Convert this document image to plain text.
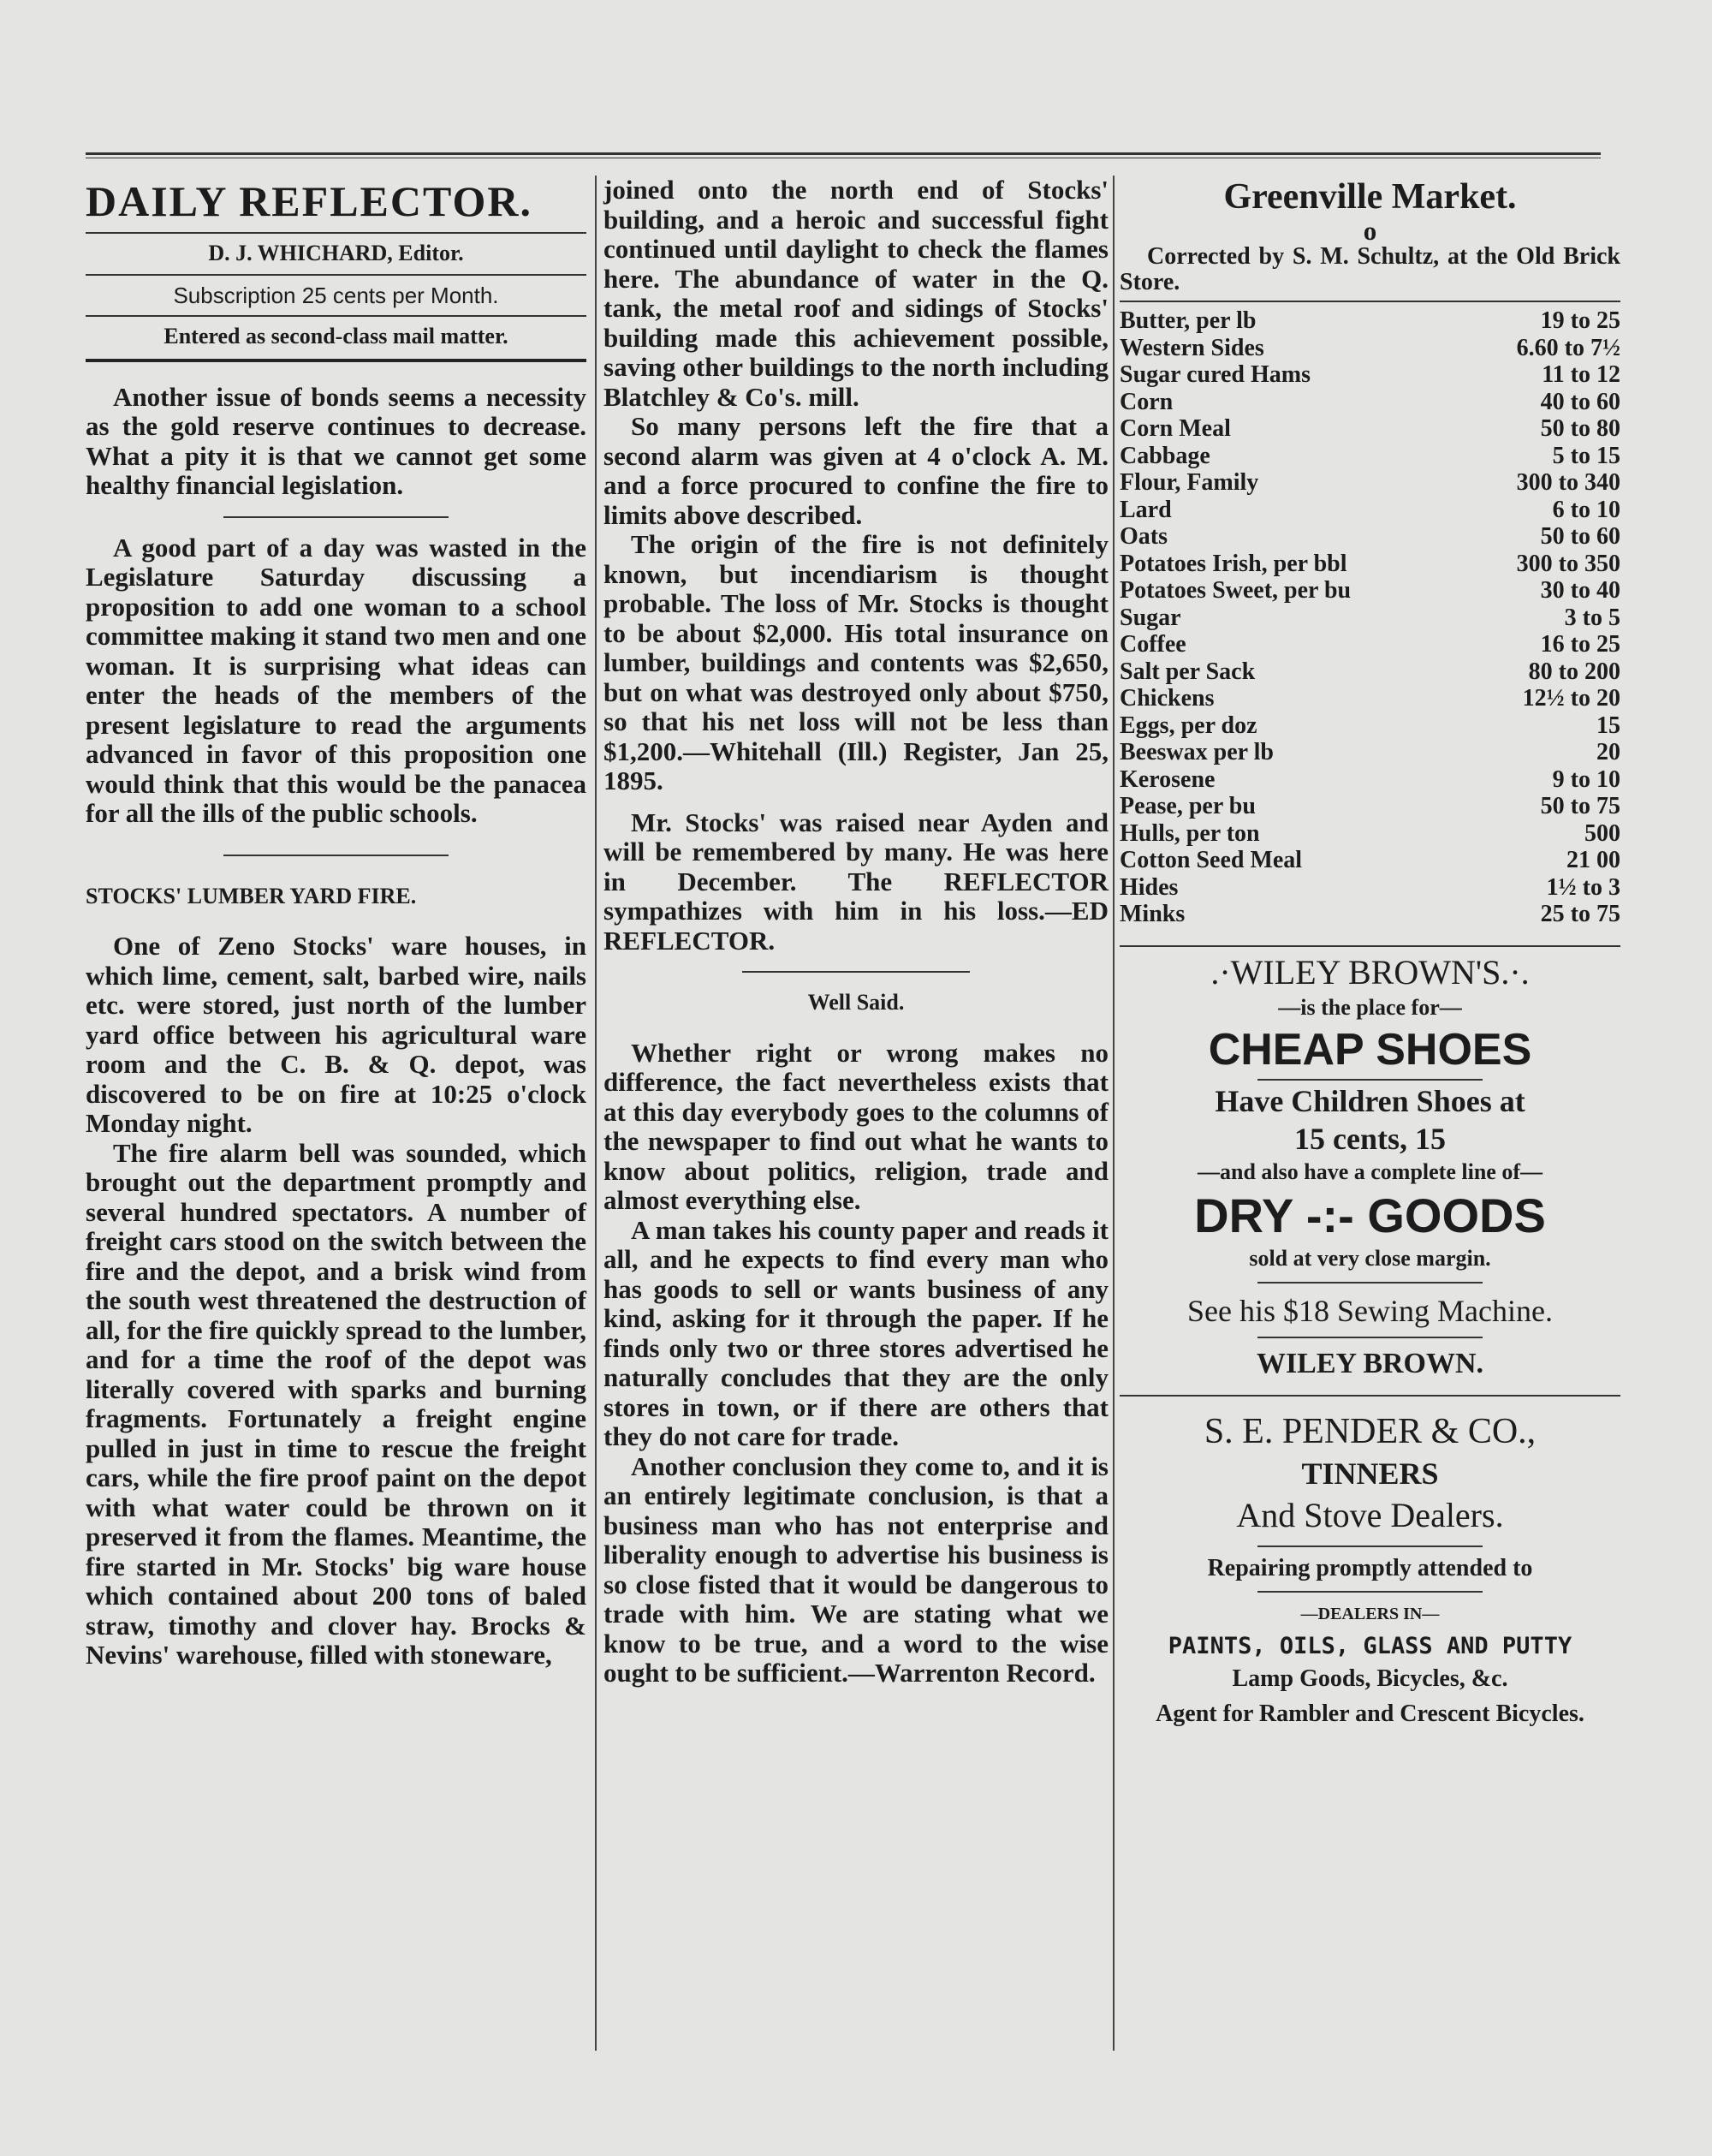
DAILY REFLECTOR.
D. J. WHICHARD, Editor.
Subscription 25 cents per Month.
Entered as second-class mail matter.

Another issue of bonds seems a necessity as the gold reserve continues to decrease. What a pity it is that we cannot get some healthy financial legislation.

A good part of a day was wasted in the Legislature Saturday discussing a proposition to add one woman to a school committee making it stand two men and one woman. It is surprising what ideas can enter the heads of the members of the present legislature to read the arguments advanced in favor of this proposition one would think that this would be the panacea for all the ills of the public schools.

STOCKS' LUMBER YARD FIRE.

One of Zeno Stocks' ware houses, in which lime, cement, salt, barbed wire, nails etc. were stored, just north of the lumber yard office between his agricultural ware room and the C. B. & Q. depot, was discovered to be on fire at 10:25 o'clock Monday night.

The fire alarm bell was sounded, which brought out the department promptly and several hundred spectators. A number of freight cars stood on the switch between the fire and the depot, and a brisk wind from the south west threatened the destruction of all, for the fire quickly spread to the lumber, and for a time the roof of the depot was literally covered with sparks and burning fragments. Fortunately a freight engine pulled in just in time to rescue the freight cars, while the fire proof paint on the depot with what water could be thrown on it preserved it from the flames. Meantime, the fire started in Mr. Stocks' big ware house which contained about 200 tons of baled straw, timothy and clover hay. Brocks & Nevins' warehouse, filled with stoneware,

joined onto the north end of Stocks' building, and a heroic and successful fight continued until daylight to check the flames here. The abundance of water in the Q. tank, the metal roof and sidings of Stocks' building made this achievement possible, saving other buildings to the north including Blatchley & Co's. mill.

So many persons left the fire that a second alarm was given at 4 o'clock A. M. and a force procured to confine the fire to limits above described.

The origin of the fire is not definitely known, but incendiarism is thought probable. The loss of Mr. Stocks is thought to be about $2,000. His total insurance on lumber, buildings and contents was $2,650, but on what was destroyed only about $750, so that his net loss will not be less than $1,200.—Whitehall (Ill.) Register, Jan 25, 1895.

Mr. Stocks' was raised near Ayden and will be remembered by many. He was here in December. The REFLECTOR sympathizes with him in his loss.—ED REFLECTOR.

Well Said.

Whether right or wrong makes no difference, the fact nevertheless exists that at this day everybody goes to the columns of the newspaper to find out what he wants to know about politics, religion, trade and almost everything else.

A man takes his county paper and reads it all, and he expects to find every man who has goods to sell or wants business of any kind, asking for it through the paper. If he finds only two or three stores advertised he naturally concludes that they are the only stores in town, or if there are others that they do not care for trade.

Another conclusion they come to, and it is an entirely legitimate conclusion, is that a business man who has not enterprise and liberality enough to advertise his business is so close fisted that it would be dangerous to trade with him. We are stating what we know to be true, and a word to the wise ought to be sufficient.—Warrenton Record.

Greenville Market.
o

Corrected by S. M. Schultz, at the Old Brick Store.

Butter, per lb	19 to 25
Western Sides	6.60 to 7½
Sugar cured Hams	11 to 12
Corn	40 to 60
Corn Meal	50 to 80
Cabbage	5 to 15
Flour, Family	300 to 340
Lard	6 to 10
Oats	50 to 60
Potatoes Irish, per bbl	300 to 350
Potatoes Sweet, per bu	30 to 40
Sugar	3 to 5
Coffee	16 to 25
Salt per Sack	80 to 200
Chickens	12½ to 20
Eggs, per doz	15
Beeswax per lb	20
Kerosene	9 to 10
Pease, per bu	50 to 75
Hulls, per ton	500
Cotton Seed Meal	21 00
Hides	1½ to 3
Minks	25 to 75
.·WILEY BROWN'S.·.
—is the place for—
CHEAP SHOES
Have Children Shoes at
15 cents, 15
—and also have a complete line of—
DRY -:- GOODS
sold at very close margin.
See his $18 Sewing Machine.
WILEY BROWN.
S. E. PENDER & CO.,
TINNERS
And Stove Dealers.
Repairing promptly attended to
—DEALERS IN—
PAINTS, OILS, GLASS AND PUTTY
Lamp Goods, Bicycles, &c.
Agent for Rambler and Crescent Bicycles.
